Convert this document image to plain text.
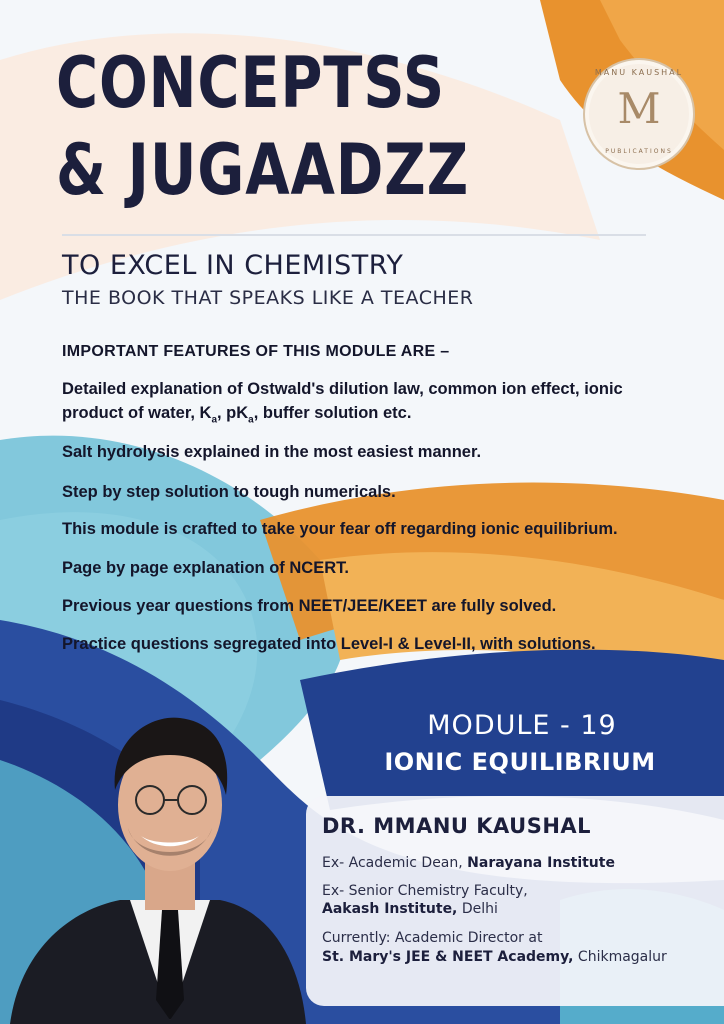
CONCEPTSS
& JUGAADZZ
MANU KAUSHAL
M
PUBLICATIONS
TO EXCEL IN CHEMISTRY
THE BOOK THAT SPEAKS LIKE A TEACHER
IMPORTANT FEATURES OF THIS MODULE ARE –
Detailed explanation of Ostwald's dilution law, common ion effect, ionic product of water, $K_a$, $pK_a$, buffer solution etc.
Salt hydrolysis explained in the most easiest manner.
Step by step solution to tough numericals.
This module is crafted to take your fear off regarding ionic equilibrium.
Page by page explanation of NCERT.
Previous year questions from NEET/JEE/KEET are fully solved.
Practice questions segregated into Level-I & Level-II, with solutions.
MODULE - 19
IONIC EQUILIBRIUM
DR. MMANU KAUSHAL
Ex- Academic Dean, Narayana Institute
Ex- Senior Chemistry Faculty,
Aakash Institute, Delhi
Currently: Academic Director at
St. Mary's JEE & NEET Academy, Chikmagalur
